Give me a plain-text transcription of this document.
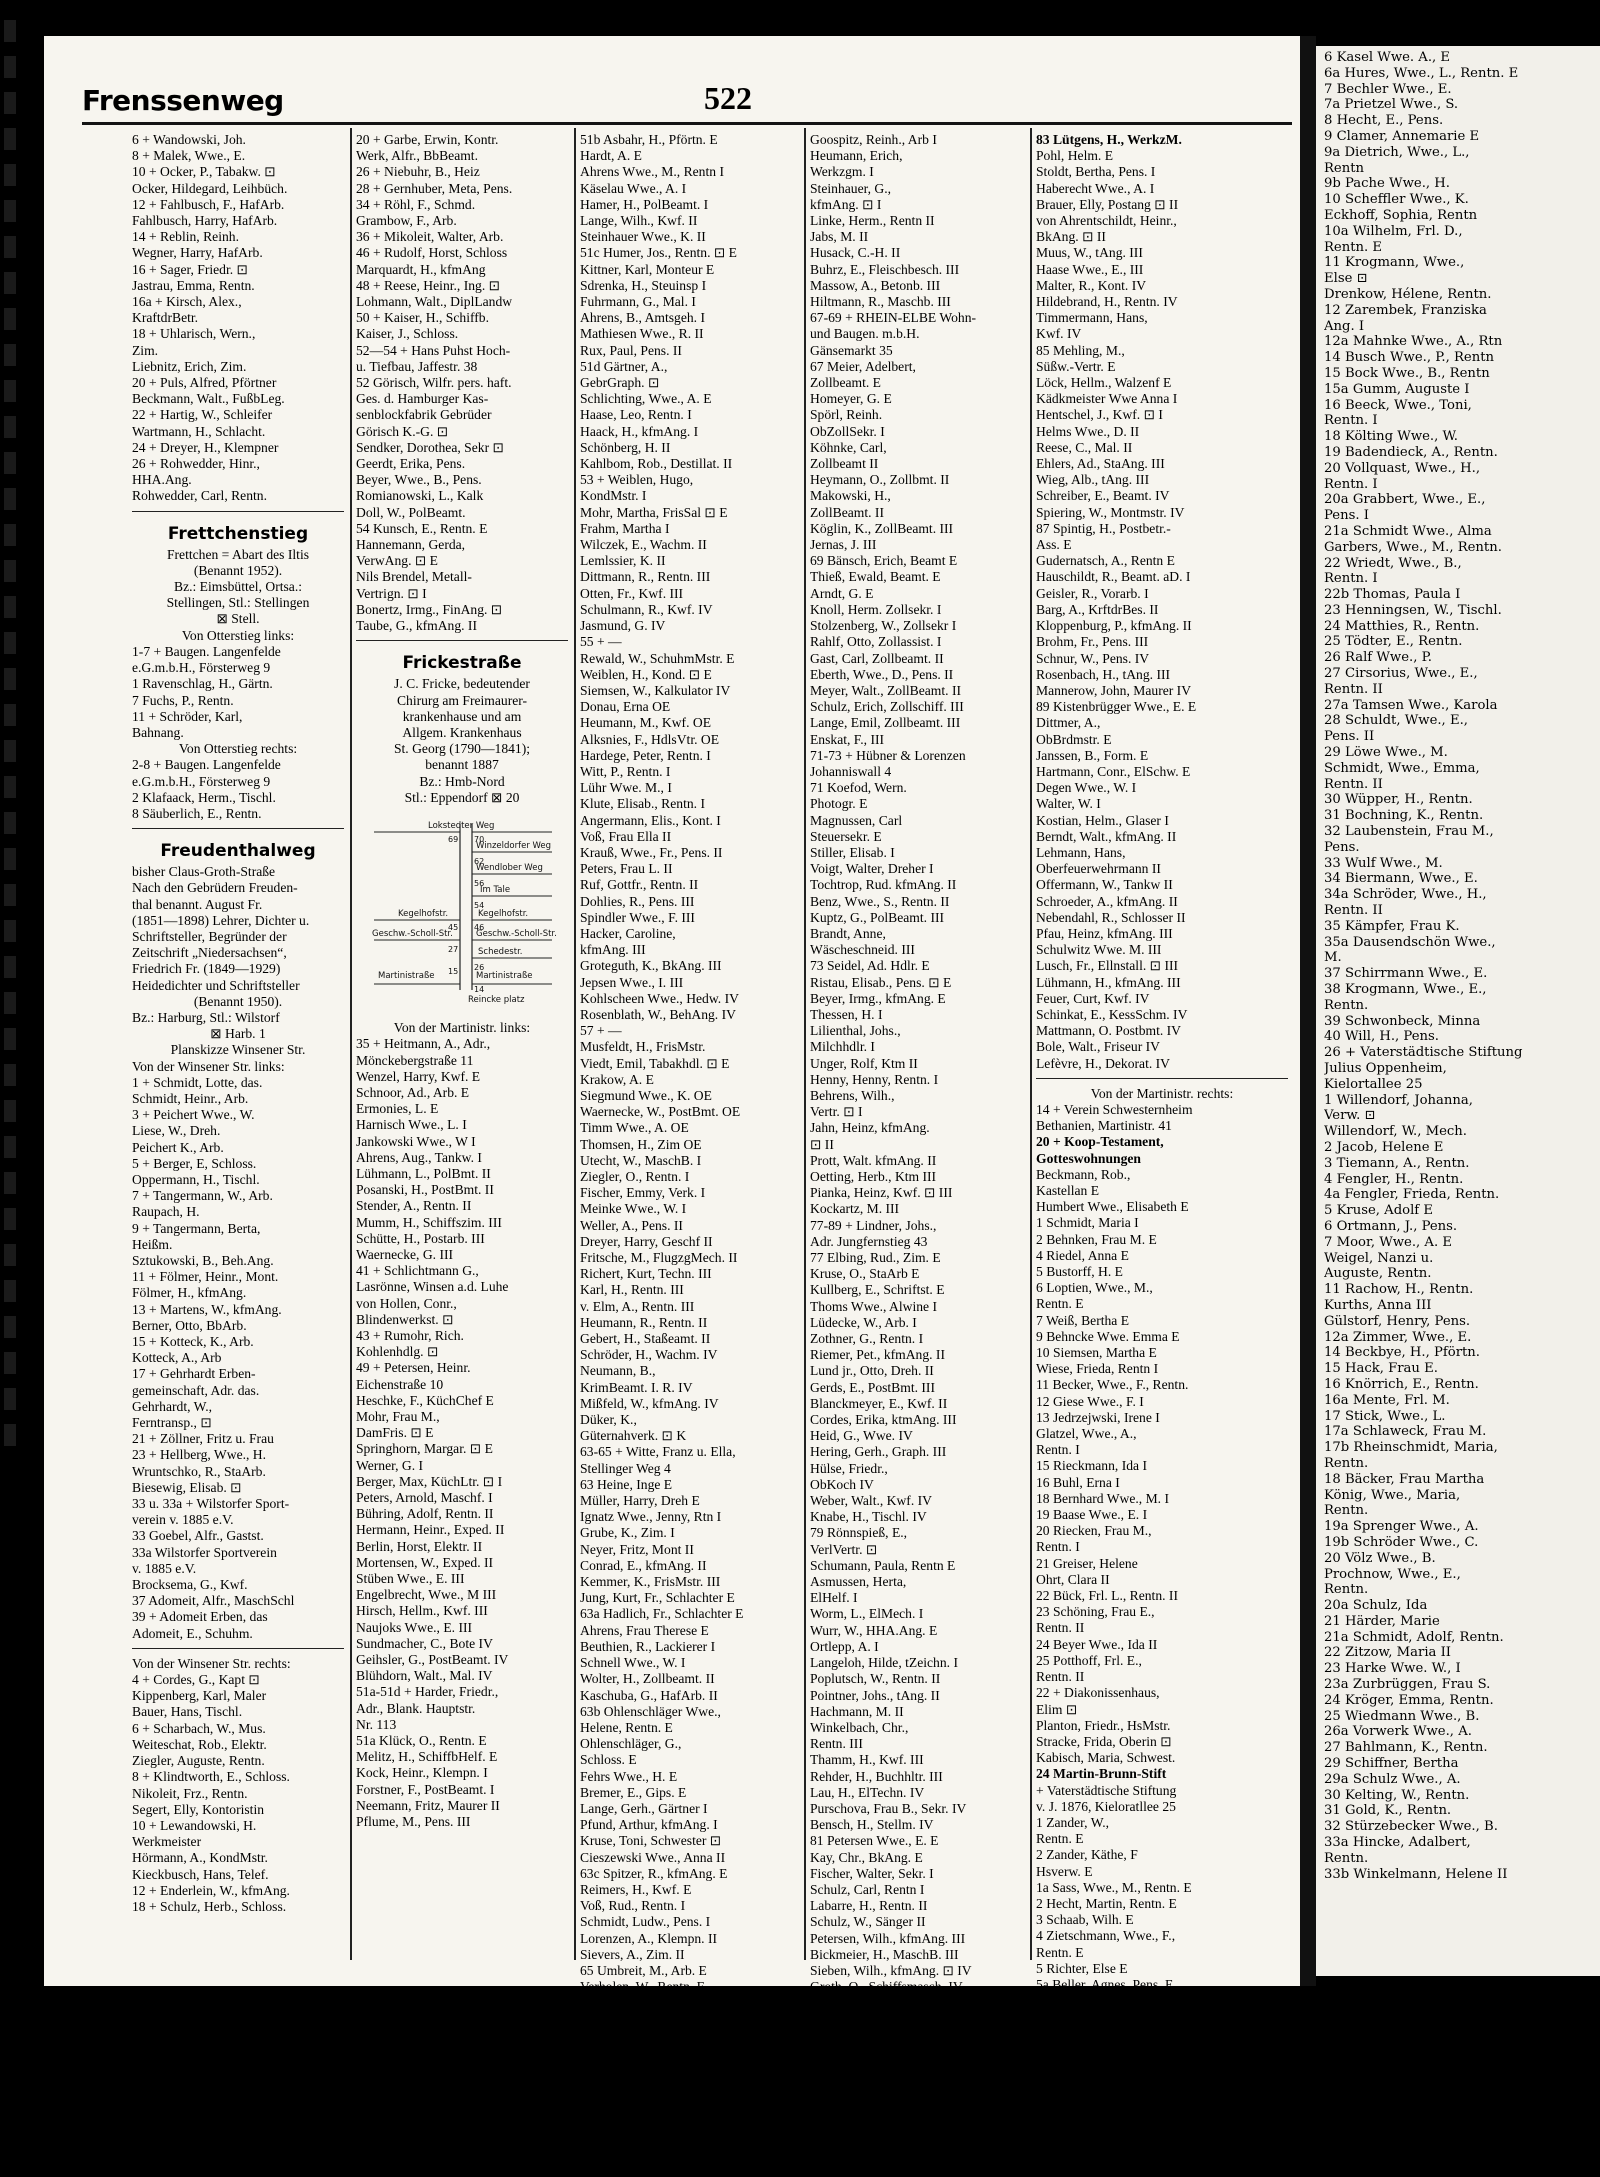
6 Kasel Wwe. A., E
6a Hures, Wwe., L., Rentn. E
7 Bechler Wwe., E.
7a Prietzel Wwe., S.
8 Hecht, E., Pens.
9 Clamer, Annemarie E
9a Dietrich, Wwe., L.,
Rentn
9b Pache Wwe., H.
10 Scheffler Wwe., K.
Eckhoff, Sophia, Rentn
10a Wilhelm, Frl. D.,
Rentn. E
11 Krogmann, Wwe.,
Else ⊡
Drenkow, Hélene, Rentn.
12 Zarembek, Franziska
Ang. I
12a Mahnke Wwe., A., Rtn
14 Busch Wwe., P., Rentn
15 Bock Wwe., B., Rentn
15a Gumm, Auguste I
16 Beeck, Wwe., Toni,
Rentn. I
18 Költing Wwe., W.
19 Badendieck, A., Rentn.
20 Vollquast, Wwe., H.,
Rentn. I
20a Grabbert, Wwe., E.,
Pens. I
21a Schmidt Wwe., Alma
Garbers, Wwe., M., Rentn.
22 Wriedt, Wwe., B.,
Rentn. I
22b Thomas, Paula I
23 Henningsen, W., Tischl.
24 Matthies, R., Rentn.
25 Tödter, E., Rentn.
26 Ralf Wwe., P.
27 Cirsorius, Wwe., E.,
Rentn. II
27a Tamsen Wwe., Karola
28 Schuldt, Wwe., E.,
Pens. II
29 Löwe Wwe., M.
Schmidt, Wwe., Emma,
Rentn. II
30 Wüpper, H., Rentn.
31 Bochning, K., Rentn.
32 Laubenstein, Frau M.,
Pens.
33 Wulf Wwe., M.
34 Biermann, Wwe., E.
34a Schröder, Wwe., H.,
Rentn. II
35 Kämpfer, Frau K.
35a Dausendschön Wwe.,
M.
37 Schirrmann Wwe., E.
38 Krogmann, Wwe., E.,
Rentn.
39 Schwonbeck, Minna
40 Will, H., Pens.
26 + Vaterstädtische Stiftung
Julius Oppenheim,
Kielortallee 25
1 Willendorf, Johanna,
Verw. ⊡
Willendorf, W., Mech.
2 Jacob, Helene E
3 Tiemann, A., Rentn.
4 Fengler, H., Rentn.
4a Fengler, Frieda, Rentn.
5 Kruse, Adolf E
6 Ortmann, J., Pens.
7 Moor, Wwe., A. E
Weigel, Nanzi u.
Auguste, Rentn.
11 Rachow, H., Rentn.
Kurths, Anna III
Gülstorf, Henry, Pens.
12a Zimmer, Wwe., E.
14 Beckbye, H., Pförtn.
15 Hack, Frau E.
16 Knörrich, E., Rentn.
16a Mente, Frl. M.
17 Stick, Wwe., L.
17a Schlaweck, Frau M.
17b Rheinschmidt, Maria,
Rentn.
18 Bäcker, Frau Martha
König, Wwe., Maria,
Rentn.
19a Sprenger Wwe., A.
19b Schröder Wwe., C.
20 Völz Wwe., B.
Prochnow, Wwe., E.,
Rentn.
20a Schulz, Ida
21 Härder, Marie
21a Schmidt, Adolf, Rentn.
22 Zitzow, Maria II
23 Harke Wwe. W., I
23a Zurbrüggen, Frau S.
24 Kröger, Emma, Rentn.
25 Wiedmann Wwe., B.
26a Vorwerk Wwe., A.
27 Bahlmann, K., Rentn.
29 Schiffner, Bertha
29a Schulz Wwe., A.
30 Kelting, W., Rentn.
31 Gold, K., Rentn.
32 Stürzebecker Wwe., B.
33a Hincke, Adalbert,
Rentn.
33b Winkelmann, Helene II
Frenssenweg	522
6 + Wandowski, Joh.
8 + Malek, Wwe., E.
10 + Ocker, P., Tabakw. ⊡
Ocker, Hildegard, Leihbüch.
12 + Fahlbusch, F., HafArb.
Fahlbusch, Harry, HafArb.
14 + Reblin, Reinh.
Wegner, Harry, HafArb.
16 + Sager, Friedr. ⊡
Jastrau, Emma, Rentn.
16a + Kirsch, Alex.,
KraftdrBetr.
18 + Uhlarisch, Wern.,
Zim.
Liebnitz, Erich, Zim.
20 + Puls, Alfred, Pförtner
Beckmann, Walt., FußbLeg.
22 + Hartig, W., Schleifer
Wartmann, H., Schlacht.
24 + Dreyer, H., Klempner
26 + Rohwedder, Hinr.,
HHA.Ang.
Rohwedder, Carl, Rentn.
Frettchenstieg
Frettchen = Abart des Iltis
(Benannt 1952).
Bz.: Eimsbüttel, Ortsa.:
Stellingen, Stl.: Stellingen
⊠ Stell.
Von Otterstieg links:
1-7 + Baugen. Langenfelde
e.G.m.b.H., Försterweg 9
1 Ravenschlag, H., Gärtn.
7 Fuchs, P., Rentn.
11 + Schröder, Karl,
Bahnang.
Von Otterstieg rechts:
2-8 + Baugen. Langenfelde
e.G.m.b.H., Försterweg 9
2 Klafaack, Herm., Tischl.
8 Säuberlich, E., Rentn.
Freudenthalweg
bisher Claus-Groth-Straße
Nach den Gebrüdern Freuden-
thal benannt. August Fr.
(1851—1898) Lehrer, Dichter u.
Schriftsteller, Begründer der
Zeitschrift „Niedersachsen“,
Friedrich Fr. (1849—1929)
Heidedichter und Schriftsteller
(Benannt 1950).
Bz.: Harburg, Stl.: Wilstorf
⊠ Harb. 1
Planskizze Winsener Str.
Von der Winsener Str. links:
1 + Schmidt, Lotte, das.
Schmidt, Heinr., Arb.
3 + Peichert Wwe., W.
Liese, W., Dreh.
Peichert K., Arb.
5 + Berger, E, Schloss.
Oppermann, H., Tischl.
7 + Tangermann, W., Arb.
Raupach, H.
9 + Tangermann, Berta,
Heißm.
Sztukowski, B., Beh.Ang.
11 + Fölmer, Heinr., Mont.
Fölmer, H., kfmAng.
13 + Martens, W., kfmAng.
Berner, Otto, BbArb.
15 + Kotteck, K., Arb.
Kotteck, A., Arb
17 + Gehrhardt Erben-
gemeinschaft, Adr. das.
Gehrhardt, W.,
Ferntransp., ⊡
21 + Zöllner, Fritz u. Frau
23 + Hellberg, Wwe., H.
Wruntschko, R., StaArb.
Biesewig, Elisab. ⊡
33 u. 33a + Wilstorfer Sport-
verein v. 1885 e.V.
33 Goebel, Alfr., Gastst.
33a Wilstorfer Sportverein
v. 1885 e.V.
Brocksema, G., Kwf.
37 Adomeit, Alfr., MaschSchl
39 + Adomeit Erben, das
Adomeit, E., Schuhm.
Von der Winsener Str. rechts:
4 + Cordes, G., Kapt ⊡
Kippenberg, Karl, Maler
Bauer, Hans, Tischl.
6 + Scharbach, W., Mus.
Weiteschat, Rob., Elektr.
Ziegler, Auguste, Rentn.
8 + Klindtworth, E., Schloss.
Nikoleit, Frz., Rentn.
Segert, Elly, Kontoristin
10 + Lewandowski, H.
Werkmeister
Hörmann, A., KondMstr.
Kieckbusch, Hans, Telef.
12 + Enderlein, W., kfmAng.
18 + Schulz, Herb., Schloss.
20 + Garbe, Erwin, Kontr.
Werk, Alfr., BbBeamt.
26 + Niebuhr, B., Heiz
28 + Gernhuber, Meta, Pens.
34 + Röhl, F., Schmd.
Grambow, F., Arb.
36 + Mikoleit, Walter, Arb.
46 + Rudolf, Horst, Schloss
Marquardt, H., kfmAng
48 + Reese, Heinr., Ing. ⊡
Lohmann, Walt., DiplLandw
50 + Kaiser, H., Schiffb.
Kaiser, J., Schloss.
52—54 + Hans Puhst Hoch-
u. Tiefbau, Jaffestr. 38
52 Görisch, Wilfr. pers. haft.
Ges. d. Hamburger Kas-
senblockfabrik Gebrüder
Görisch K.-G. ⊡
Sendker, Dorothea, Sekr ⊡
Geerdt, Erika, Pens.
Beyer, Wwe., B., Pens.
Romianowski, L., Kalk
Doll, W., PolBeamt.
54 Kunsch, E., Rentn. E
Hannemann, Gerda,
VerwAng. ⊡ E
Nils Brendel, Metall-
Vertrign. ⊡ I
Bonertz, Irmg., FinAng. ⊡
Taube, G., kfmAng. II
Frickestraße
J. C. Fricke, bedeutender
Chirurg am Freimaurer-
krankenhause und am
Allgem. Krankenhaus
St. Georg (1790—1841);
benannt 1887
Bz.: Hmb-Nord
Stl.: Eppendorf ⊠ 20
Lokstedter Weg
Winzeldorfer Weg
Wendlober Weg
Im Tale
Kegelhofstr.	Kegelhofstr.
Geschw.-Scholl-Str.	Geschw.-Scholl-Str.
Schedestr.
Martinistraße	Martinistraße
Reincke platz
69 70
62
56
54
46
45
27
26
15
14
Von der Martinistr. links:
35 + Heitmann, A., Adr.,
Mönckebergstraße 11
Wenzel, Harry, Kwf. E
Schnoor, Ad., Arb. E
Ermonies, L. E
Harnisch Wwe., L. I
Jankowski Wwe., W I
Ahrens, Aug., Tankw. I
Lühmann, L., PolBmt. II
Posanski, H., PostBmt. II
Stender, A., Rentn. II
Mumm, H., Schiffszim. III
Schütte, H., Postarb. III
Waernecke, G. III
41 + Schlichtmann G.,
Lasrönne, Winsen a.d. Luhe
von Hollen, Conr.,
Blindenwerkst. ⊡
43 + Rumohr, Rich.
Kohlenhdlg. ⊡
49 + Petersen, Heinr.
Eichenstraße 10
Heschke, F., KüchChef E
Mohr, Frau M.,
DamFris. ⊡ E
Springhorn, Margar. ⊡ E
Werner, G. I
Berger, Max, KüchLtr. ⊡ I
Peters, Arnold, Maschf. I
Bühring, Adolf, Rentn. II
Hermann, Heinr., Exped. II
Berlin, Horst, Elektr. II
Mortensen, W., Exped. II
Stüben Wwe., E. III
Engelbrecht, Wwe., M III
Hirsch, Hellm., Kwf. III
Naujoks Wwe., E. III
Sundmacher, C., Bote IV
Geihsler, G., PostBeamt. IV
Blühdorn, Walt., Mal. IV
51a-51d + Harder, Friedr.,
Adr., Blank. Hauptstr.
Nr. 113
51a Klück, O., Rentn. E
Melitz, H., SchiffbHelf. E
Kock, Heinr., Klempn. I
Forstner, F., PostBeamt. I
Neemann, Fritz, Maurer II
Pflume, M., Pens. III
51b Asbahr, H., Pförtn. E
Hardt, A. E
Ahrens Wwe., M., Rentn I
Käselau Wwe., A. I
Hamer, H., PolBeamt. I
Lange, Wilh., Kwf. II
Steinhauer Wwe., K. II
51c Humer, Jos., Rentn. ⊡ E
Kittner, Karl, Monteur E
Sdrenka, H., Steuinsp I
Fuhrmann, G., Mal. I
Ahrens, B., Amtsgeh. I
Mathiesen Wwe., R. II
Rux, Paul, Pens. II
51d Gärtner, A.,
GebrGraph. ⊡
Schlichting, Wwe., A. E
Haase, Leo, Rentn. I
Haack, H., kfmAng. I
Schönberg, H. II
Kahlbom, Rob., Destillat. II
53 + Weiblen, Hugo,
KondMstr. I
Mohr, Martha, FrisSal ⊡ E
Frahm, Martha I
Wilczek, E., Wachm. II
Lemlssier, K. II
Dittmann, R., Rentn. III
Otten, Fr., Kwf. III
Schulmann, R., Kwf. IV
Jasmund, G. IV
55 + —
Rewald, W., SchuhmMstr. E
Weiblen, H., Kond. ⊡ E
Siemsen, W., Kalkulator IV
Donau, Erna OE
Heumann, M., Kwf. OE
Alksnies, F., HdlsVtr. OE
Hardege, Peter, Rentn. I
Witt, P., Rentn. I
Lühr Wwe. M., I
Klute, Elisab., Rentn. I
Angermann, Elis., Kont. I
Voß, Frau Ella II
Krauß, Wwe., Fr., Pens. II
Peters, Frau L. II
Ruf, Gottfr., Rentn. II
Dohlies, R., Pens. III
Spindler Wwe., F. III
Hacker, Caroline,
kfmAng. III
Groteguth, K., BkAng. III
Jepsen Wwe., I. III
Kohlscheen Wwe., Hedw. IV
Rosenblath, W., BehAng. IV
57 + —
Musfeldt, H., FrisMstr.
Viedt, Emil, Tabakhdl. ⊡ E
Krakow, A. E
Siegmund Wwe., K. OE
Waernecke, W., PostBmt. OE
Timm Wwe., A. OE
Thomsen, H., Zim OE
Utecht, W., MaschB. I
Ziegler, O., Rentn. I
Fischer, Emmy, Verk. I
Meinke Wwe., W. I
Weller, A., Pens. II
Dreyer, Harry, Geschf II
Fritsche, M., FlugzgMech. II
Richert, Kurt, Techn. III
Karl, H., Rentn. III
v. Elm, A., Rentn. III
Heumann, R., Rentn. II
Gebert, H., Staßeamt. II
Schröder, H., Wachm. IV
Neumann, B.,
KrimBeamt. I. R. IV
Mißfeld, W., kfmAng. IV
Düker, K.,
Güternahverk. ⊡ K
63-65 + Witte, Franz u. Ella,
Stellinger Weg 4
63 Heine, Inge E
Müller, Harry, Dreh E
Ignatz Wwe., Jenny, Rtn I
Grube, K., Zim. I
Neyer, Fritz, Mont II
Conrad, E., kfmAng. II
Kemmer, K., FrisMstr. III
Jung, Kurt, Fr., Schlachter E
63a Hadlich, Fr., Schlachter E
Ahrens, Frau Therese E
Beuthien, R., Lackierer I
Schnell Wwe., W. I
Wolter, H., Zollbeamt. II
Kaschuba, G., HafArb. II
63b Ohlenschläger Wwe.,
Helene, Rentn. E
Ohlenschläger, G.,
Schloss. E
Fehrs Wwe., H. E
Bremer, E., Gips. E
Lange, Gerh., Gärtner I
Pfund, Arthur, kfmAng. I
Kruse, Toni, Schwester ⊡
Cieszewski Wwe., Anna II
63c Spitzer, R., kfmAng. E
Reimers, H., Kwf. E
Voß, Rud., Rentn. I
Schmidt, Ludw., Pens. I
Lorenzen, A., Klempn. II
Sievers, A., Zim. II
65 Umbreit, M., Arb. E
Verholen, W., Rentn. E
Sprenger, Walt., Rentn. I
Tydecks Wwe., Anna,
Rentn I
Goospitz, Reinh., Arb I
Heumann, Erich,
Werkzgm. I
Steinhauer, G.,
kfmAng. ⊡ I
Linke, Herm., Rentn II
Jabs, M. II
Husack, C.-H. II
Buhrz, E., Fleischbesch. III
Massow, A., Betonb. III
Hiltmann, R., Maschb. III
67-69 + RHEIN-ELBE Wohn-
und Baugen. m.b.H.
Gänsemarkt 35
67 Meier, Adelbert,
Zollbeamt. E
Homeyer, G. E
Spörl, Reinh.
ObZollSekr. I
Köhnke, Carl,
Zollbeamt II
Heymann, O., Zollbmt. II
Makowski, H.,
ZollBeamt. II
Köglin, K., ZollBeamt. III
Jernas, J. III
69 Bänsch, Erich, Beamt E
Thieß, Ewald, Beamt. E
Arndt, G. E
Knoll, Herm. Zollsekr. I
Stolzenberg, W., Zollsekr I
Rahlf, Otto, Zollassist. I
Gast, Carl, Zollbeamt. II
Eberth, Wwe., D., Pens. II
Meyer, Walt., ZollBeamt. II
Schulz, Erich, Zollschiff. III
Lange, Emil, Zollbeamt. III
Enskat, F., III
71-73 + Hübner & Lorenzen
Johanniswall 4
71 Koefod, Wern.
Photogr. E
Magnussen, Carl
Steuersekr. E
Stiller, Elisab. I
Voigt, Walter, Dreher I
Tochtrop, Rud. kfmAng. II
Benz, Wwe., S., Rentn. II
Kuptz, G., PolBeamt. III
Brandt, Anne,
Wäscheschneid. III
73 Seidel, Ad. Hdlr. E
Ristau, Elisab., Pens. ⊡ E
Beyer, Irmg., kfmAng. E
Thessen, H. I
Lilienthal, Johs.,
Milchhdlr. I
Unger, Rolf, Ktm II
Henny, Henny, Rentn. I
Behrens, Wilh.,
Vertr. ⊡ I
Jahn, Heinz, kfmAng.
⊡ II
Prott, Walt. kfmAng. II
Oetting, Herb., Ktm III
Pianka, Heinz, Kwf. ⊡ III
Kockartz, M. III
77-89 + Lindner, Johs.,
Adr. Jungfernstieg 43
77 Elbing, Rud., Zim. E
Kruse, O., StaArb E
Kullberg, E., Schriftst. E
Thoms Wwe., Alwine I
Lüdecke, W., Arb. I
Zothner, G., Rentn. I
Riemer, Pet., kfmAng. II
Lund jr., Otto, Dreh. II
Gerds, E., PostBmt. III
Blanckmeyer, E., Kwf. II
Cordes, Erika, ktmAng. III
Heid, G., Wwe. IV
Hering, Gerh., Graph. III
Hülse, Friedr.,
ObKoch IV
Weber, Walt., Kwf. IV
Knabe, H., Tischl. IV
79 Rönnspieß, E.,
VerlVertr. ⊡
Schumann, Paula, Rentn E
Asmussen, Herta,
ElHelf. I
Worm, L., ElMech. I
Wurr, W., HHA.Ang. E
Ortlepp, A. I
Langeloh, Hilde, tZeichn. I
Poplutsch, W., Rentn. II
Pointner, Johs., tAng. II
Hachmann, M. II
Winkelbach, Chr.,
Rentn. III
Thamm, H., Kwf. III
Rehder, H., Buchhltr. III
Lau, H., ElTechn. IV
Purschova, Frau B., Sekr. IV
Bensch, H., Stellm. IV
81 Petersen Wwe., E. E
Kay, Chr., BkAng. E
Fischer, Walter, Sekr. I
Schulz, Carl, Rentn I
Labarre, H., Rentn. II
Schulz, W., Sänger II
Petersen, Wilh., kfmAng. III
Bickmeier, H., MaschB. III
Sieben, Wilh., kfmAng. ⊡ IV
Groth, O., Schiffsmasch. IV
83 Lütgens, H., WerkzM.
Pohl, Helm. E
Stoldt, Bertha, Pens. I
Haberecht Wwe., A. I
Brauer, Elly, Postang ⊡ II
von Ahrentschildt, Heinr.,
BkAng. ⊡ II
Muus, W., tAng. III
Haase Wwe., E., III
Malter, R., Kont. IV
Hildebrand, H., Rentn. IV
Timmermann, Hans,
Kwf. IV
85 Mehling, M.,
Süßw.-Vertr. E
Löck, Hellm., Walzenf E
Kädkmeister Wwe Anna I
Hentschel, J., Kwf. ⊡ I
Helms Wwe., D. II
Reese, C., Mal. II
Ehlers, Ad., StaAng. III
Wieg, Alb., tAng. III
Schreiber, E., Beamt. IV
Spiering, W., Montmstr. IV
87 Spintig, H., Postbetr.-
Ass. E
Gudernatsch, A., Rentn E
Hauschildt, R., Beamt. aD. I
Geisler, R., Vorarb. I
Barg, A., KrftdrBes. II
Kloppenburg, P., kfmAng. II
Brohm, Fr., Pens. III
Schnur, W., Pens. IV
Rosenbach, H., tAng. III
Mannerow, John, Maurer IV
89 Kistenbrügger Wwe., E. E
Dittmer, A.,
ObBrdmstr. E
Janssen, B., Form. E
Hartmann, Conr., ElSchw. E
Degen Wwe., W. I
Walter, W. I
Kostian, Helm., Glaser I
Berndt, Walt., kfmAng. II
Lehmann, Hans,
Oberfeuerwehrmann II
Offermann, W., Tankw II
Schroeder, A., kfmAng. II
Nebendahl, R., Schlosser II
Pfau, Heinz, kfmAng. III
Schulwitz Wwe. M. III
Lusch, Fr., Ellnstall. ⊡ III
Lühmann, H., kfmAng. III
Feuer, Curt, Kwf. IV
Schinkat, E., KessSchm. IV
Mattmann, O. Postbmt. IV
Bole, Walt., Friseur IV
Lefèvre, H., Dekorat. IV
Von der Martinistr. rechts:
14 + Verein Schwesternheim
Bethanien, Martinistr. 41
20 + Koop-Testament,
Gotteswohnungen
Beckmann, Rob.,
Kastellan E
Humbert Wwe., Elisabeth E
1 Schmidt, Maria I
2 Behnken, Frau M. E
4 Riedel, Anna E
5 Bustorff, H. E
6 Loptien, Wwe., M.,
Rentn. E
7 Weiß, Bertha E
9 Behncke Wwe. Emma E
10 Siemsen, Martha E
Wiese, Frieda, Rentn I
11 Becker, Wwe., F., Rentn.
12 Giese Wwe., F. I
13 Jedrzejwski, Irene I
Glatzel, Wwe., A.,
Rentn. I
15 Rieckmann, Ida I
16 Buhl, Erna I
18 Bernhard Wwe., M. I
19 Baase Wwe., E. I
20 Riecken, Frau M.,
Rentn. I
21 Greiser, Helene
Ohrt, Clara II
22 Bück, Frl. L., Rentn. II
23 Schöning, Frau E.,
Rentn. II
24 Beyer Wwe., Ida II
25 Potthoff, Frl. E.,
Rentn. II
22 + Diakonissenhaus,
Elim ⊡
Planton, Friedr., HsMstr.
Stracke, Frida, Oberin ⊡
Kabisch, Maria, Schwest.
24 Martin-Brunn-Stift
+ Vaterstädtische Stiftung
v. J. 1876, Kieloratllee 25
1 Zander, W.,
Rentn. E
2 Zander, Käthe, F
Hsverw. E
1a Sass, Wwe., M., Rentn. E
2 Hecht, Martin, Rentn. E
3 Schaab, Wilh. E
4 Zietschmann, Wwe., F.,
Rentn. E
5 Richter, Else E
5a Beller, Agnes, Pens. E
Liebmann, Frl., H.,
Rentn. E
